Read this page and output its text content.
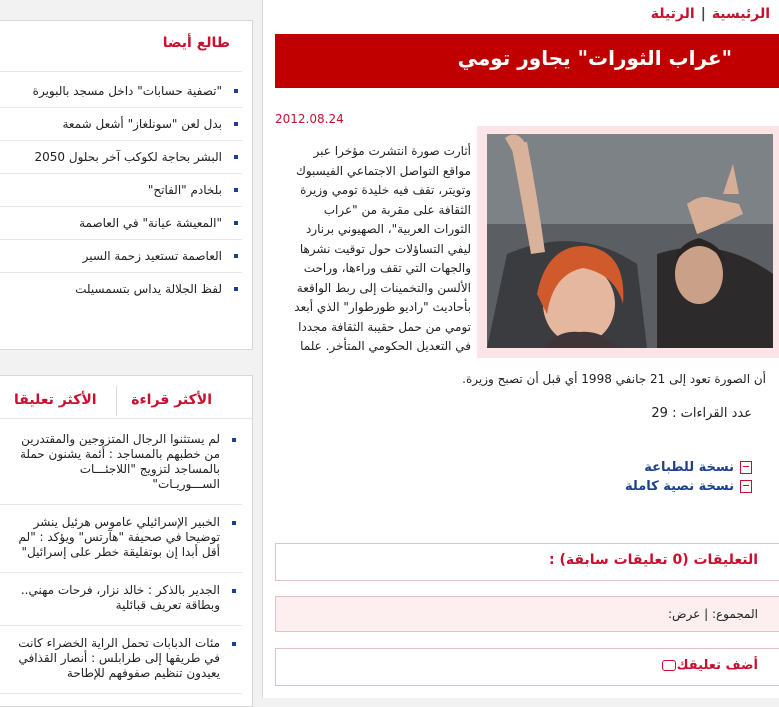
طالع أيضا
"تصفية حسابات" داخل مسجد بالبويرة
بدل لعن "سونلغاز" أشعل شمعة
البشر بحاجة لكوكب آخر بحلول 2050
بلخادم "الفاتح"
"المعيشة عيانة" في العاصمة
العاصمة تستعيد زحمة السير
لفظ الجلالة يداس بتسمسيلت
الأكثر قراءة
الأكثر تعليقا
لم يستثنوا الرجال المتزوجين والمقتدرين من خطبهم بالمساجد : أئمة يشنون حملة بالمساجد لتزويج "اللاجئـــات الســـوريـات"
الخبير الإسرائيلي عاموس هرئيل ينشر توضيحا في صحيفة "هآرتس" ويؤكد : "لم أقل أبدا إن بوتفليقة خطر على إسرائيل"
الجدير بالذكر : خالد نزار، فرحات مهني.. وبطاقة تعريف قبائلية
مئات الدبابات تحمل الراية الخضراء كانت في طريقها إلى طرابلس : أنصار القذافي يعيدون تنظيم صفوفهم للإطاحة
الرئيسية|الرتيلة
"عراب الثورات" يجاور تومي
2012.08.24
أثارت صورة انتشرت مؤخرا عبر مواقع التواصل الاجتماعي الفيسبوك وتويتر، تقف فيه خليدة تومي وزيرة الثقافة على مقربة من "عراب الثورات العربية"، الصهيوني برنارد ليفي التساؤلات حول توقيت نشرها والجهات التي تقف وراءها، وراحت الألسن والتخمينات إلى ربط الواقعة بأحاديث "راديو طورطوار" الذي أبعد تومي من حمل حقيبة الثقافة مجددا في التعديل الحكومي المتأخر. علما
أن الصورة تعود إلى 21 جانفي 1998 أي قبل أن تصبح وزيرة.
عدد القراءات : 29
نسخة للطباعة
نسخة نصية كاملة
التعليقات (0 تعليقات سابقة) :
المجموع: | عرض:
أضف تعليقك
